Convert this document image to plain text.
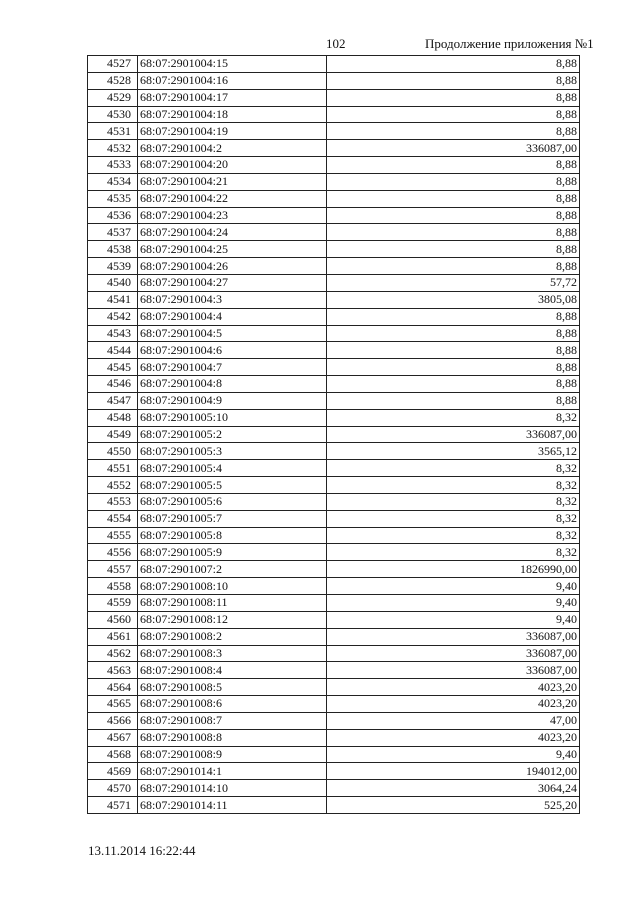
102	Продолжение приложения №1
4527	68:07:2901004:15	8,88
4528	68:07:2901004:16	8,88
4529	68:07:2901004:17	8,88
4530	68:07:2901004:18	8,88
4531	68:07:2901004:19	8,88
4532	68:07:2901004:2	336087,00
4533	68:07:2901004:20	8,88
4534	68:07:2901004:21	8,88
4535	68:07:2901004:22	8,88
4536	68:07:2901004:23	8,88
4537	68:07:2901004:24	8,88
4538	68:07:2901004:25	8,88
4539	68:07:2901004:26	8,88
4540	68:07:2901004:27	57,72
4541	68:07:2901004:3	3805,08
4542	68:07:2901004:4	8,88
4543	68:07:2901004:5	8,88
4544	68:07:2901004:6	8,88
4545	68:07:2901004:7	8,88
4546	68:07:2901004:8	8,88
4547	68:07:2901004:9	8,88
4548	68:07:2901005:10	8,32
4549	68:07:2901005:2	336087,00
4550	68:07:2901005:3	3565,12
4551	68:07:2901005:4	8,32
4552	68:07:2901005:5	8,32
4553	68:07:2901005:6	8,32
4554	68:07:2901005:7	8,32
4555	68:07:2901005:8	8,32
4556	68:07:2901005:9	8,32
4557	68:07:2901007:2	1826990,00
4558	68:07:2901008:10	9,40
4559	68:07:2901008:11	9,40
4560	68:07:2901008:12	9,40
4561	68:07:2901008:2	336087,00
4562	68:07:2901008:3	336087,00
4563	68:07:2901008:4	336087,00
4564	68:07:2901008:5	4023,20
4565	68:07:2901008:6	4023,20
4566	68:07:2901008:7	47,00
4567	68:07:2901008:8	4023,20
4568	68:07:2901008:9	9,40
4569	68:07:2901014:1	194012,00
4570	68:07:2901014:10	3064,24
4571	68:07:2901014:11	525,20
13.11.2014 16:22:44
